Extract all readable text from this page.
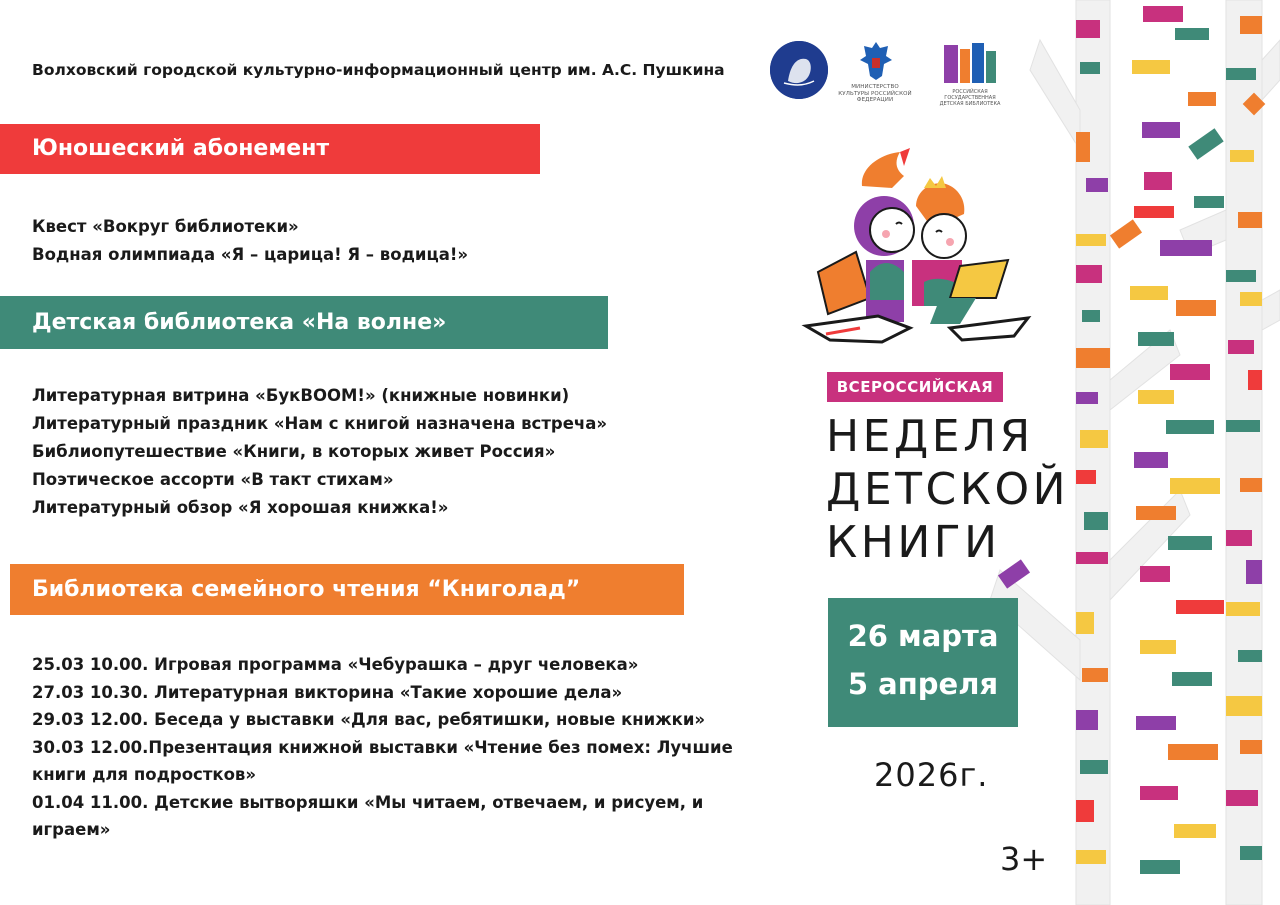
Волховский городской культурно-информационный центр им. А.С. Пушкина
МИНИСТЕРСТВО КУЛЬТУРЫ РОССИЙСКОЙ ФЕДЕРАЦИИ
РОССИЙСКАЯ ГОСУДАРСТВЕННАЯ ДЕТСКАЯ БИБЛИОТЕКА
Юношеский абонемент
Квест «Вокруг библиотеки»
Водная олимпиада «Я – царица! Я – водица!»
Детская библиотека «На волне»
Литературная витрина «БукВООМ!» (книжные новинки)
Литературный праздник «Нам с книгой назначена встреча»
Библиопутешествие «Книги, в которых живет Россия»
Поэтическое ассорти «В такт стихам»
Литературный обзор «Я хорошая книжка!»
Библиотека семейного чтения “Книголад”
25.03 10.00. Игровая программа «Чебурашка – друг человека»
27.03 10.30. Литературная викторина «Такие хорошие дела»
29.03 12.00. Беседа у выставки «Для вас, ребятишки, новые книжки»
30.03 12.00.Презентация книжной выставки «Чтение без помех: Лучшие
книги для подростков»
01.04 11.00. Детские вытворяшки «Мы читаем, отвечаем, и рисуем, и
играем»
ВСЕРОССИЙСКАЯ
НЕДЕЛЯ
ДЕТСКОЙ
КНИГИ
26 марта
5 апреля
2026г.
3+
